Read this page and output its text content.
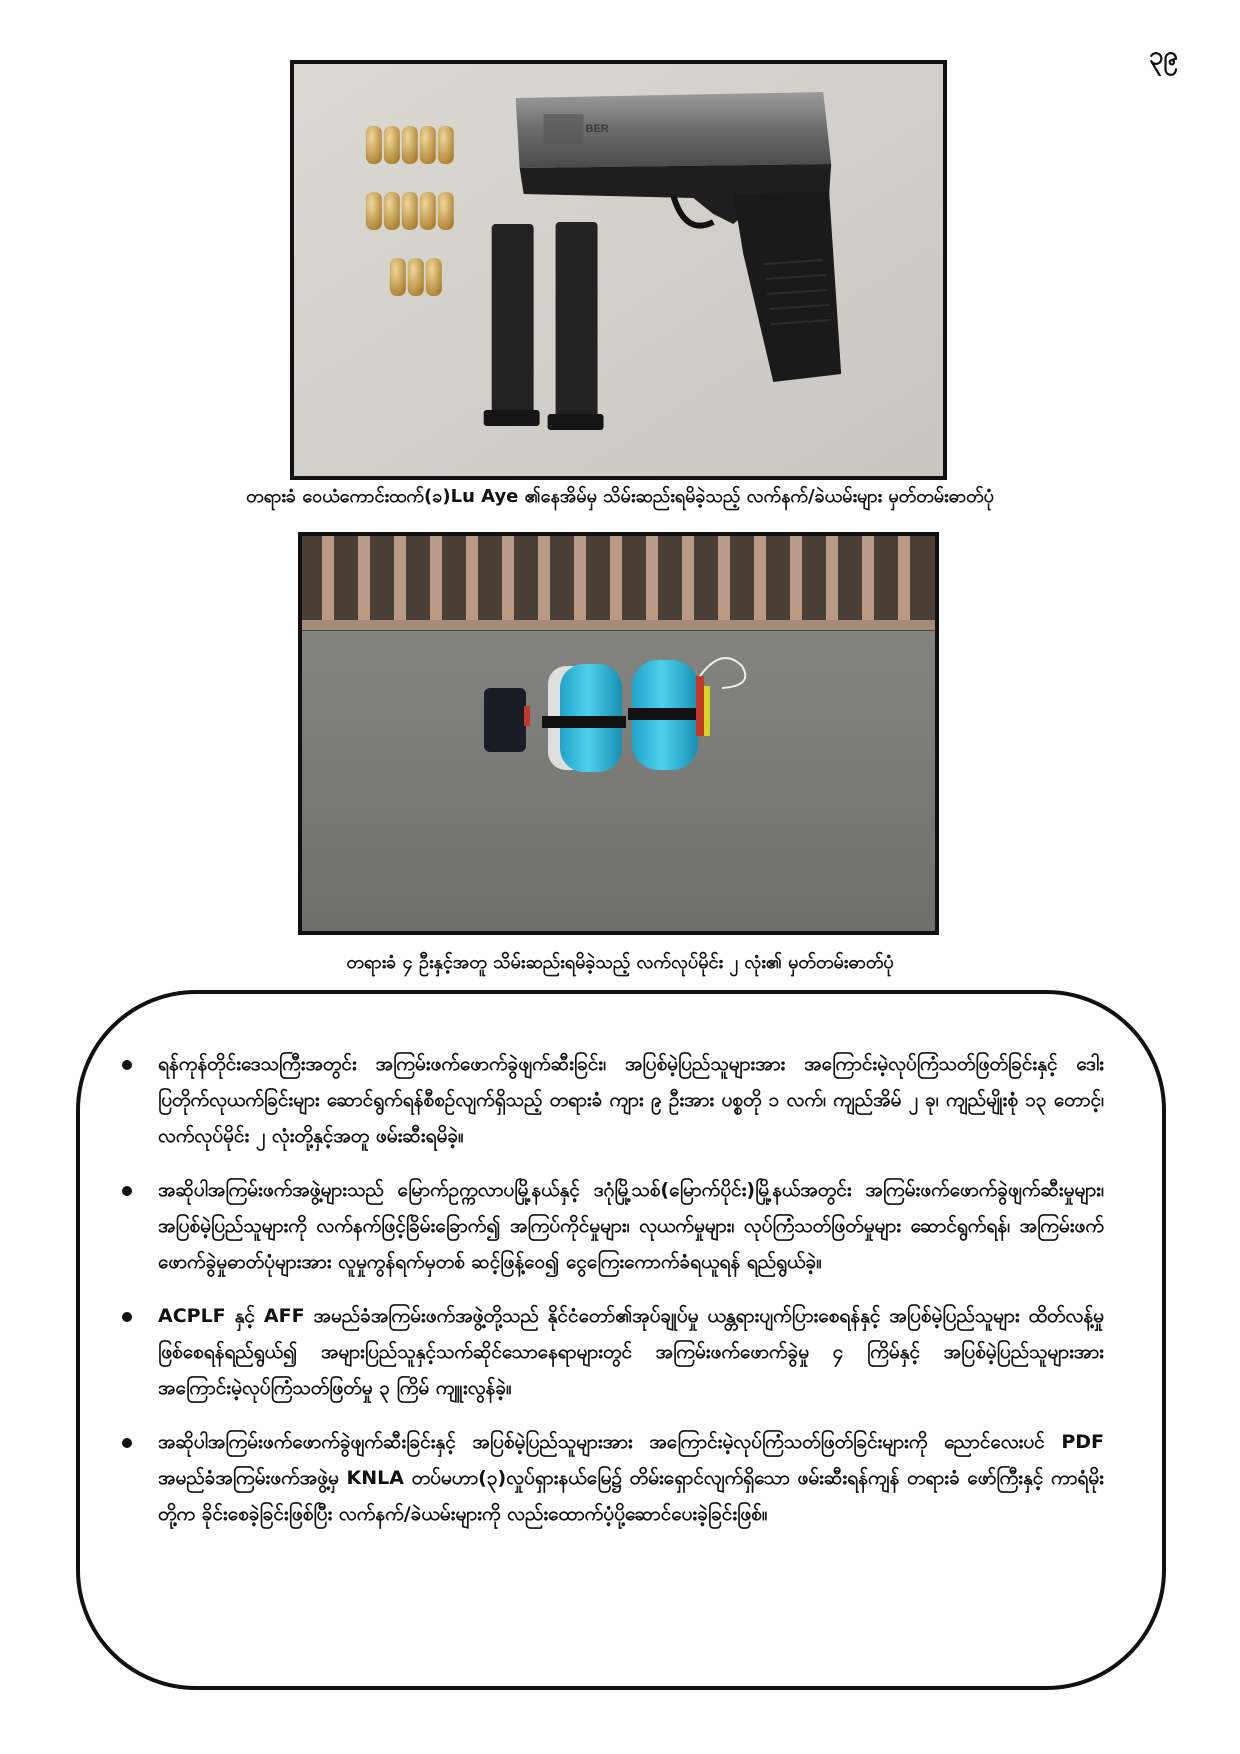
၃၉
BER
တရားခံ ဝေယံကောင်းထက်(ခ)Lu Aye ၏နေအိမ်မှ သိမ်းဆည်းရမိခဲ့သည့် လက်နက်/ခဲယမ်းများ မှတ်တမ်းဓာတ်ပုံ
တရားခံ ၄ ဦးနှင့်အတူ သိမ်းဆည်းရမိခဲ့သည့် လက်လုပ်မိုင်း ၂ လုံး၏ မှတ်တမ်းဓာတ်ပုံ
ရန်ကုန်တိုင်းဒေသကြီးအတွင်း အကြမ်းဖက်ဖောက်ခွဲဖျက်ဆီးခြင်း၊ အပြစ်မဲ့ပြည်သူများအား အကြောင်းမဲ့လုပ်ကြံသတ်ဖြတ်ခြင်းနှင့် ဒေါးပြတိုက်လုယက်ခြင်းများ ဆောင်ရွက်ရန်စီစဉ်လျက်ရှိသည့် တရားခံ ကျား ၉ ဦးအား ပစ္စတို ၁ လက်၊ ကျည်အိမ် ၂ ခု၊ ကျည်မျိုးစုံ ၁၃ တောင့်၊ လက်လုပ်မိုင်း ၂ လုံးတို့နှင့်အတူ ဖမ်းဆီးရမိခဲ့။
အဆိုပါအကြမ်းဖက်အဖွဲ့များသည် မြောက်ဥက္ကလာပမြို့နယ်နှင့် ဒဂုံမြို့သစ်(မြောက်ပိုင်း)မြို့နယ်အတွင်း အကြမ်းဖက်ဖောက်ခွဲဖျက်ဆီးမှုများ၊ အပြစ်မဲ့ပြည်သူများကို လက်နက်ဖြင့်ခြိမ်းခြောက်၍ အကြပ်ကိုင်မှုများ၊ လုယက်မှုများ၊ လုပ်ကြံသတ်ဖြတ်မှုများ ဆောင်ရွက်ရန်၊ အကြမ်းဖက်ဖောက်ခွဲမှုဓာတ်ပုံများအား လူမှုကွန်ရက်မှတစ် ဆင့်ဖြန့်ဝေ၍ ငွေကြေးကောက်ခံရယူရန် ရည်ရွယ်ခဲ့။
ACPLF နှင့် AFF အမည်ခံအကြမ်းဖက်အဖွဲ့တို့သည် နိုင်ငံတော်၏အုပ်ချုပ်မှု ယန္တရားပျက်ပြားစေရန်နှင့် အပြစ်မဲ့ပြည်သူများ ထိတ်လန့်မှုဖြစ်စေရန်ရည်ရွယ်၍ အများပြည်သူနှင့်သက်ဆိုင်သောနေရာများတွင် အကြမ်းဖက်ဖောက်ခွဲမှု ၄ ကြိမ်နှင့် အပြစ်မဲ့ပြည်သူများအား အကြောင်းမဲ့လုပ်ကြံသတ်ဖြတ်မှု ၃ ကြိမ် ကျူးလွန်ခဲ့။
အဆိုပါအကြမ်းဖက်ဖောက်ခွဲဖျက်ဆီးခြင်းနှင့် အပြစ်မဲ့ပြည်သူများအား အကြောင်းမဲ့လုပ်ကြံသတ်ဖြတ်ခြင်းများကို ညောင်လေးပင် PDF အမည်ခံအကြမ်းဖက်အဖွဲ့မှ KNLA တပ်မဟာ(၃)လှုပ်ရှားနယ်မြေ၌ တိမ်းရှောင်လျက်ရှိသော ဖမ်းဆီးရန်ကျန် တရားခံ ဖော်ကြီးနှင့် ကာရံမိုးတို့က ခိုင်းစေခဲ့ခြင်းဖြစ်ပြီး လက်နက်/ခဲယမ်းများကို လည်းထောက်ပံ့ပို့ဆောင်ပေးခဲ့ခြင်းဖြစ်။
